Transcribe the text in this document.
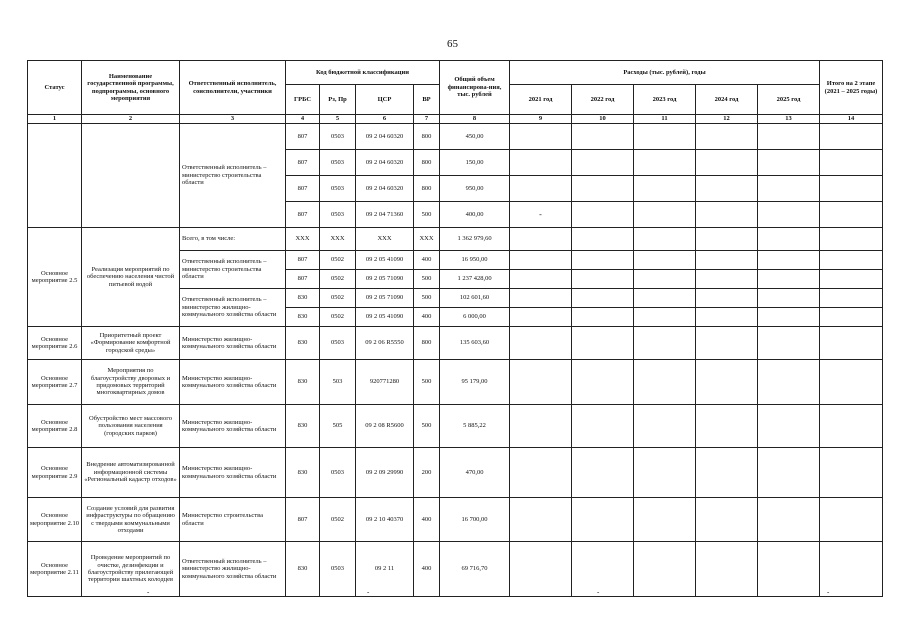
65
Статус	Наименование государственной программы, подпрограммы, основного мероприятия	Ответственный исполнитель, соисполнители, участники	Код бюджетной классификации				Общий объем финансирова-ния, тыс. рублей	Расходы (тыс. рублей), годы					Итого на 2 этапе (2021 – 2025 годы)
			ГРБС	Рз, Пр	ЦСР	ВР		2021 год	2022 год	2023 год	2024 год	2025 год	
1	2	3	4	5	6	7	8	9	10	11	12	13	14
		Ответственный исполнитель – министерство строительства области	807	0503	09 2 04 60320	800	450,00						
			807	0503	09 2 04 60320	800	150,00						
			807	0503	09 2 04 60320	800	950,00						
			807	0503	09 2 04 71360	500	400,00	-					

Основное мероприятие 2.5	Реализация мероприятий по обеспечению населения чистой питьевой водой	Всего, в том числе:	ХХХ	ХХХ	ХХХ	ХХХ	1 362 979,60						
		Ответственный исполнитель – министерство строительства области	807	0502	09 2 05 41090	400	16 950,00						
			807	0502	09 2 05 71090	500	1 237 428,00						
		Ответственный исполнитель – министерство жилищно-коммунального хозяйства области	830	0502	09 2 05 71090	500	102 601,60						
			830	0502	09 2 05 41090	400	6 000,00						
Основное мероприятие 2.6	Приоритетный проект «Формирование комфортной городской среды»	Министерство жилищно-коммунального хозяйства области	830	0503	09 2 06 R5550	800	135 603,60						
Основное мероприятие 2.7	Мероприятия по благоустройству дворовых и придомовых территорий многоквартирных домов	Министерство жилищно-коммунального хозяйства области	830	503	920771280	500	95 179,00						
Основное мероприятие 2.8	Обустройство мест массового пользования населения (городских парков)	Министерство жилищно-коммунального хозяйства области	830	505	09 2 08 R5600	500	5 885,22						
Основное мероприятие 2.9	Внедрение автоматизированной информационной системы «Региональный кадастр отходов»	Министерство жилищно-коммунального хозяйства области	830	0503	09 2 09 29990	200	470,00						
Основное мероприятие 2.10	Создание условий для развития инфраструктуры по обращению с твердыми коммунальными отходами	Министерство строительства области	807	0502	09 2 10 40370	400	16 700,00						
Основное мероприятие 2.11	Проведение мероприятий по очистке, дезинфекции и благоустройству прилегающей территории шахтных колодцев	Ответственный исполнитель – министерство жилищно-коммунального хозяйства области	830	0503	09 2 11	400	69 716,70						
-	-	-	-
